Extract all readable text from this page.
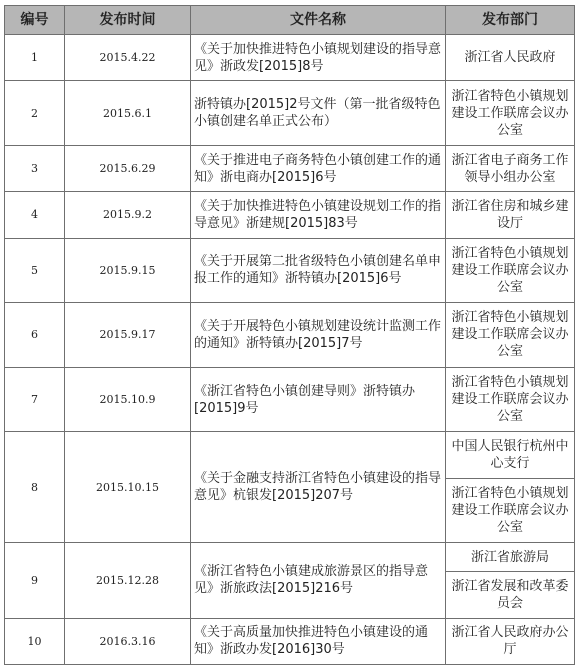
编号	发布时间	文件名称	发布部门
1	2015.4.22	《关于加快推进特色小镇规划建设的指导意见》浙政发[2015]8号	浙江省人民政府
2	2015.6.1	浙特镇办[2015]2号文件（第一批省级特色小镇创建名单正式公布）	浙江省特色小镇规划建设工作联席会议办公室
3	2015.6.29	《关于推进电子商务特色小镇创建工作的通知》浙电商办[2015]6号	浙江省电子商务工作领导小组办公室
4	2015.9.2	《关于加快推进特色小镇建设规划工作的指导意见》浙建规[2015]83号	浙江省住房和城乡建设厅
5	2015.9.15	《关于开展第二批省级特色小镇创建名单申报工作的通知》浙特镇办[2015]6号	浙江省特色小镇规划建设工作联席会议办公室
6	2015.9.17	《关于开展特色小镇规划建设统计监测工作的通知》浙特镇办[2015]7号	浙江省特色小镇规划建设工作联席会议办公室
7	2015.10.9	《浙江省特色小镇创建导则》浙特镇办[2015]9号	浙江省特色小镇规划建设工作联席会议办公室
8	2015.10.15	《关于金融支持浙江省特色小镇建设的指导意见》杭银发[2015]207号	中国人民银行杭州中心支行
			浙江省特色小镇规划建设工作联席会议办公室
9	2015.12.28	《浙江省特色小镇建成旅游景区的指导意见》浙旅政法[2015]216号	浙江省旅游局
			浙江省发展和改革委员会
10	2016.3.16	《关于高质量加快推进特色小镇建设的通知》浙政办发[2016]30号	浙江省人民政府办公厅
